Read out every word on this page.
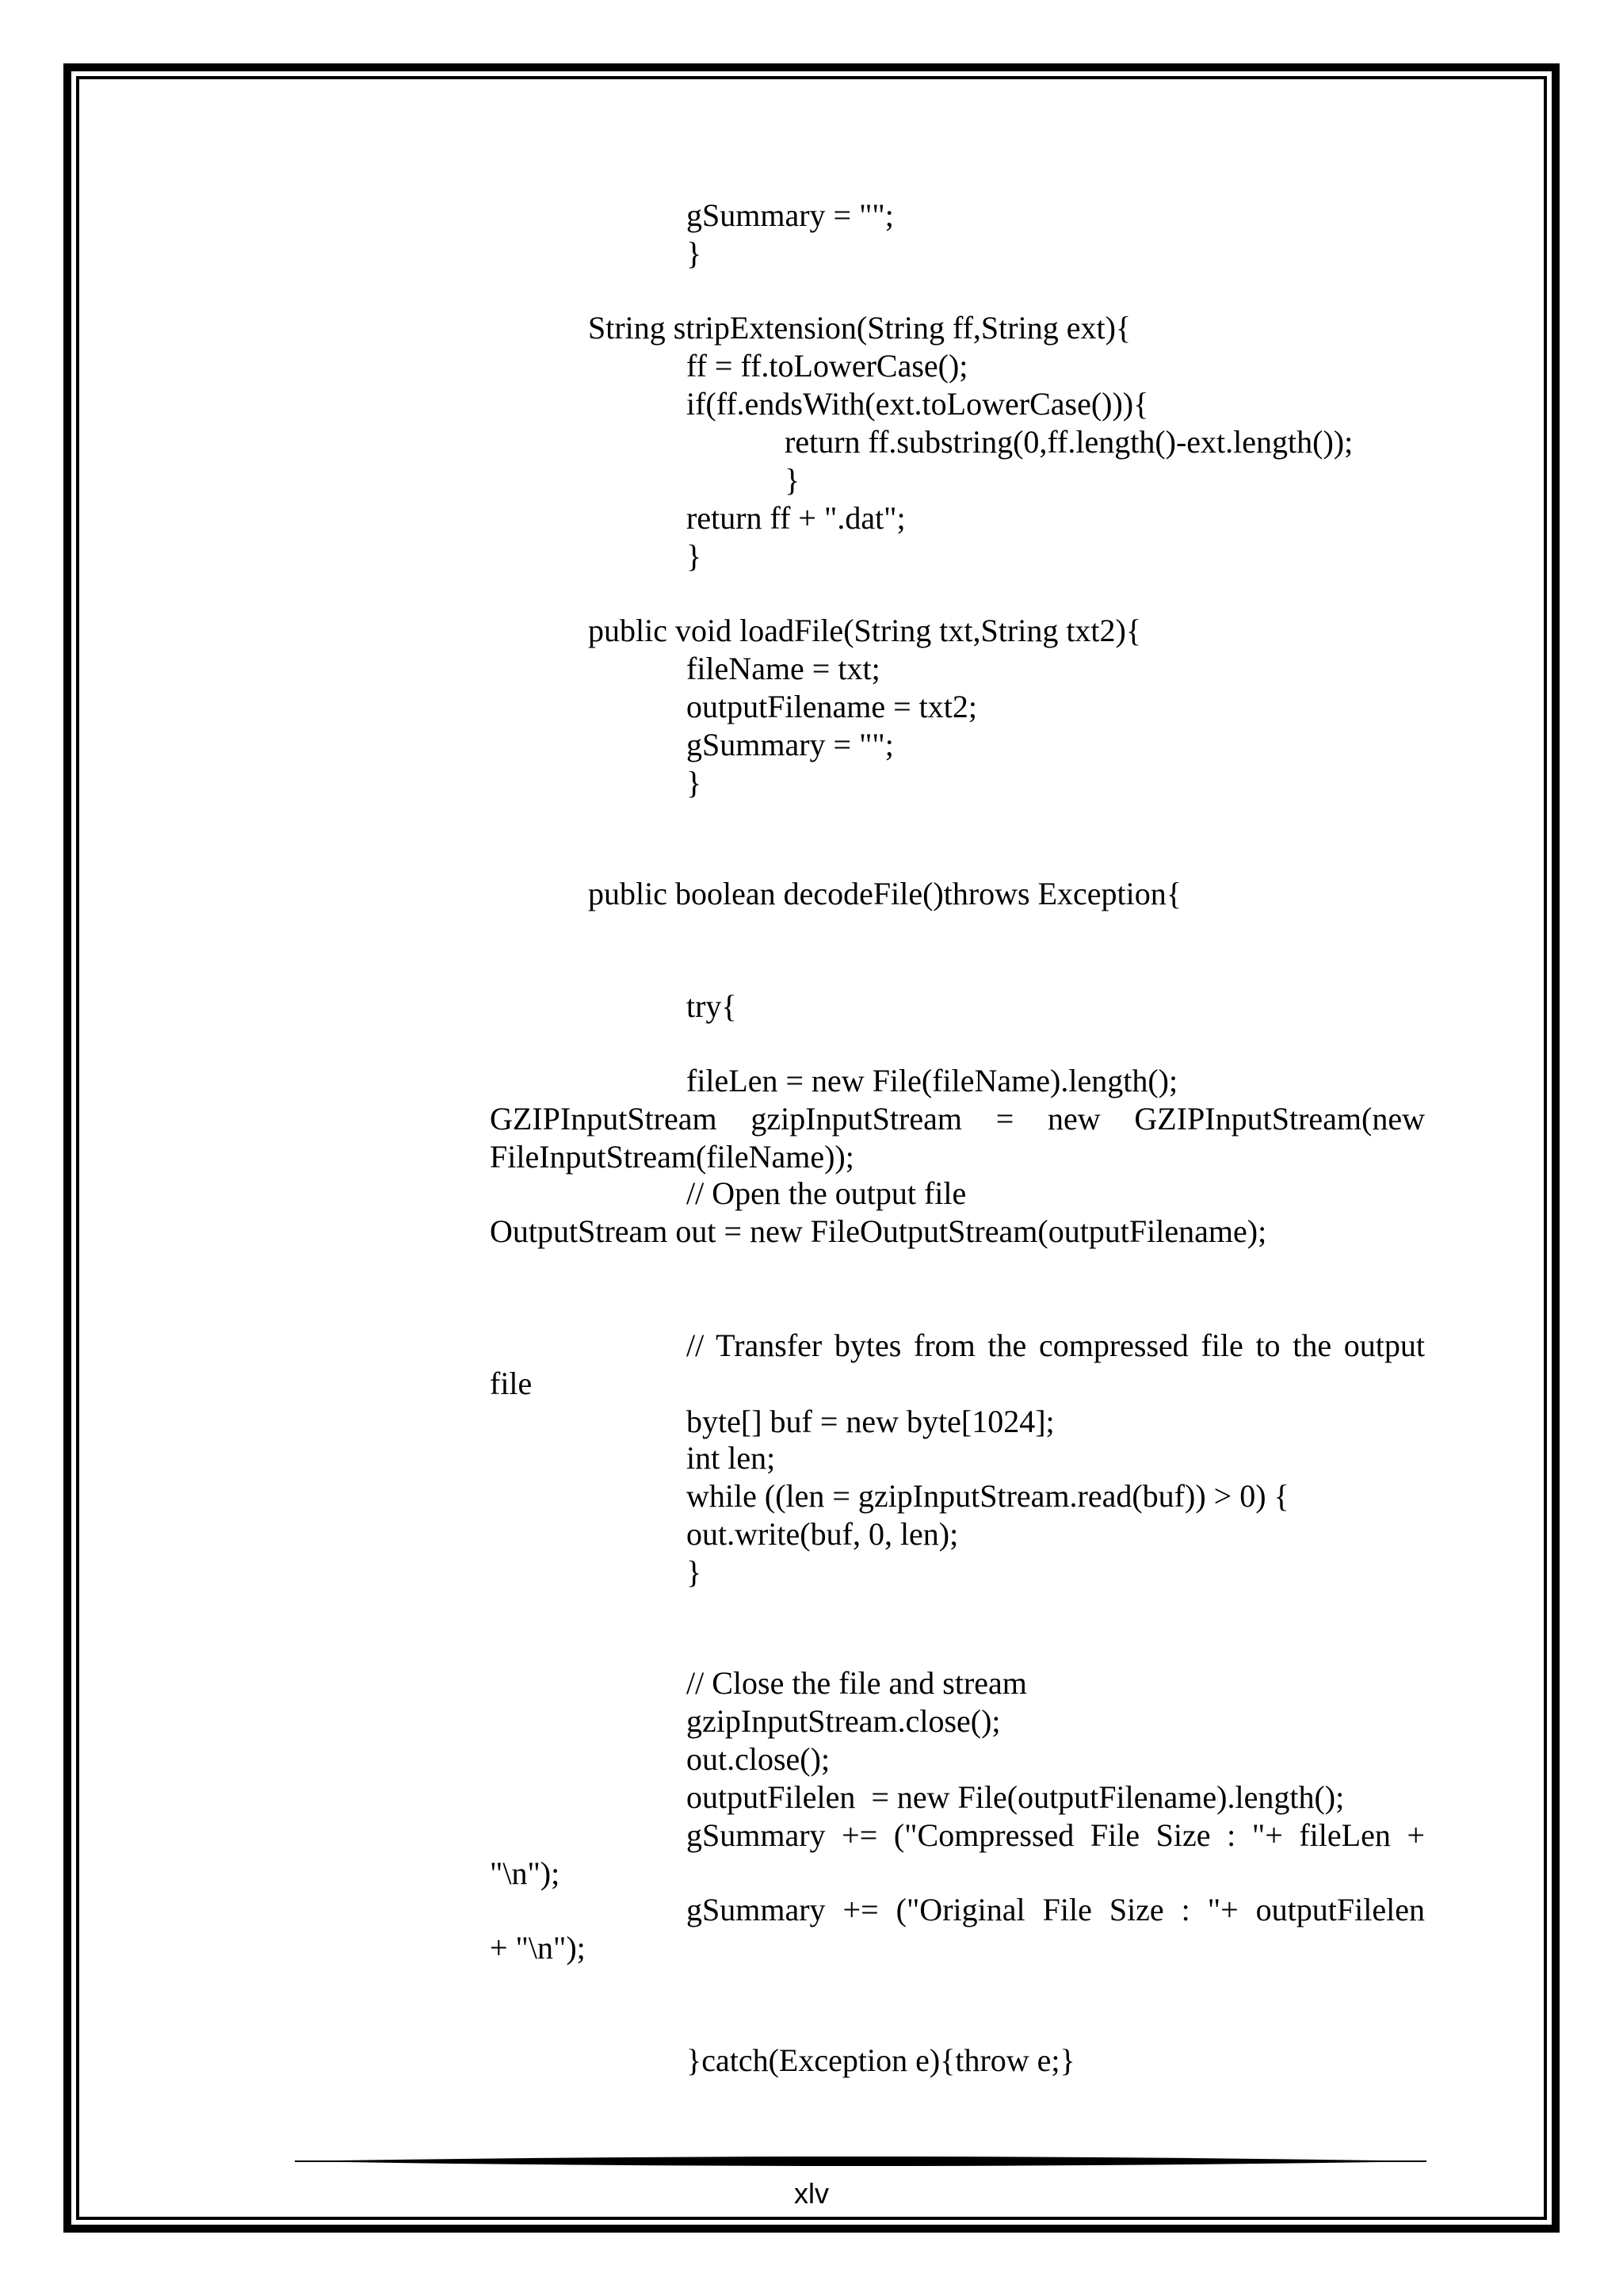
gSummary = "";
}
String stripExtension(String ff,String ext){
ff = ff.toLowerCase();
if(ff.endsWith(ext.toLowerCase())){
return ff.substring(0,ff.length()-ext.length());
}
return ff + ".dat";
}
public void loadFile(String txt,String txt2){
fileName = txt;
outputFilename = txt2;
gSummary = "";
}
public boolean decodeFile()throws Exception{
try{
fileLen = new File(fileName).length();
GZIPInputStream gzipInputStream = new GZIPInputStream(new
FileInputStream(fileName));
// Open the output file
OutputStream out = new FileOutputStream(outputFilename);
// Transfer bytes from the compressed file to the output
file
byte[] buf = new byte[1024];
int len;
while ((len = gzipInputStream.read(buf)) > 0) {
out.write(buf, 0, len);
}
// Close the file and stream
gzipInputStream.close();
out.close();
outputFilelen  = new File(outputFilename).length();
gSummary += ("Compressed File Size : "+ fileLen +
"\n");
gSummary += ("Original File Size : "+ outputFilelen
+ "\n");
}catch(Exception e){throw e;}
xlv
